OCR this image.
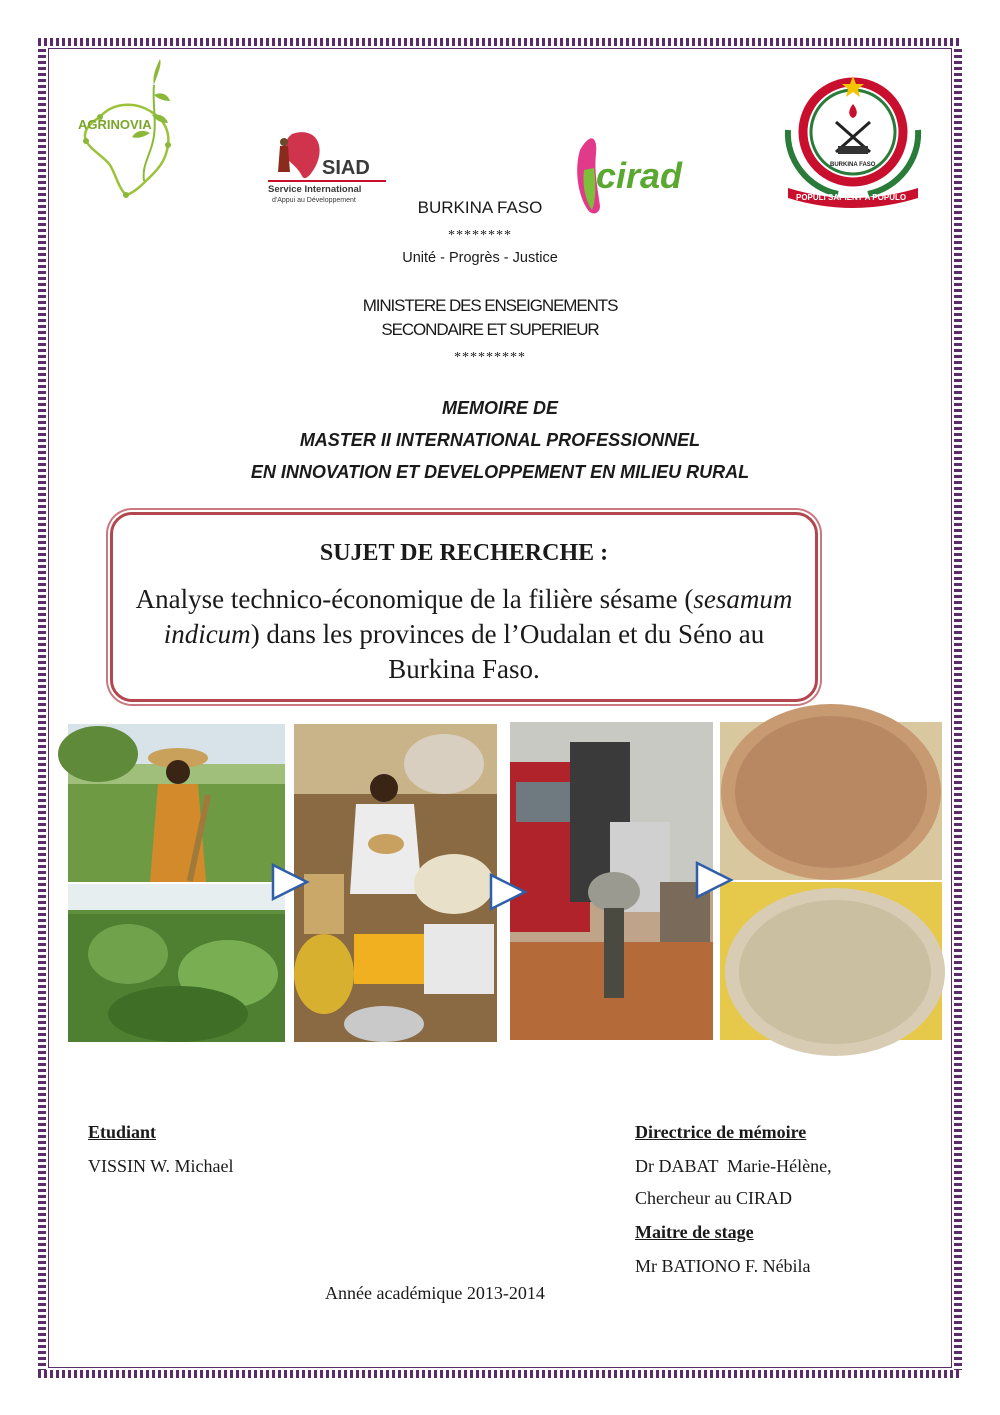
AGRINOVIA
SIAD
Service International
d'Appui au Développement
cirad	BURKINA FASO
POPULI SAPIENT A POPULO
BURKINA FASO
********
Unité - Progrès - Justice
MINISTERE DES ENSEIGNEMENTS
SECONDAIRE ET SUPERIEUR
*********
MEMOIRE DE
MASTER II INTERNATIONAL PROFESSIONNEL
EN INNOVATION ET DEVELOPPEMENT EN MILIEU RURAL
SUJET DE RECHERCHE :
Analyse technico-économique de la filière sésame (sesamum indicum) dans les provinces de l’Oudalan et du Séno au Burkina Faso.
Etudiant
VISSIN W. Michael
Directrice de mémoire
Dr DABAT  Marie-Hélène,
Chercheur au CIRAD
Maitre de stage
Mr BATIONO F. Nébila
Année académique 2013-2014
